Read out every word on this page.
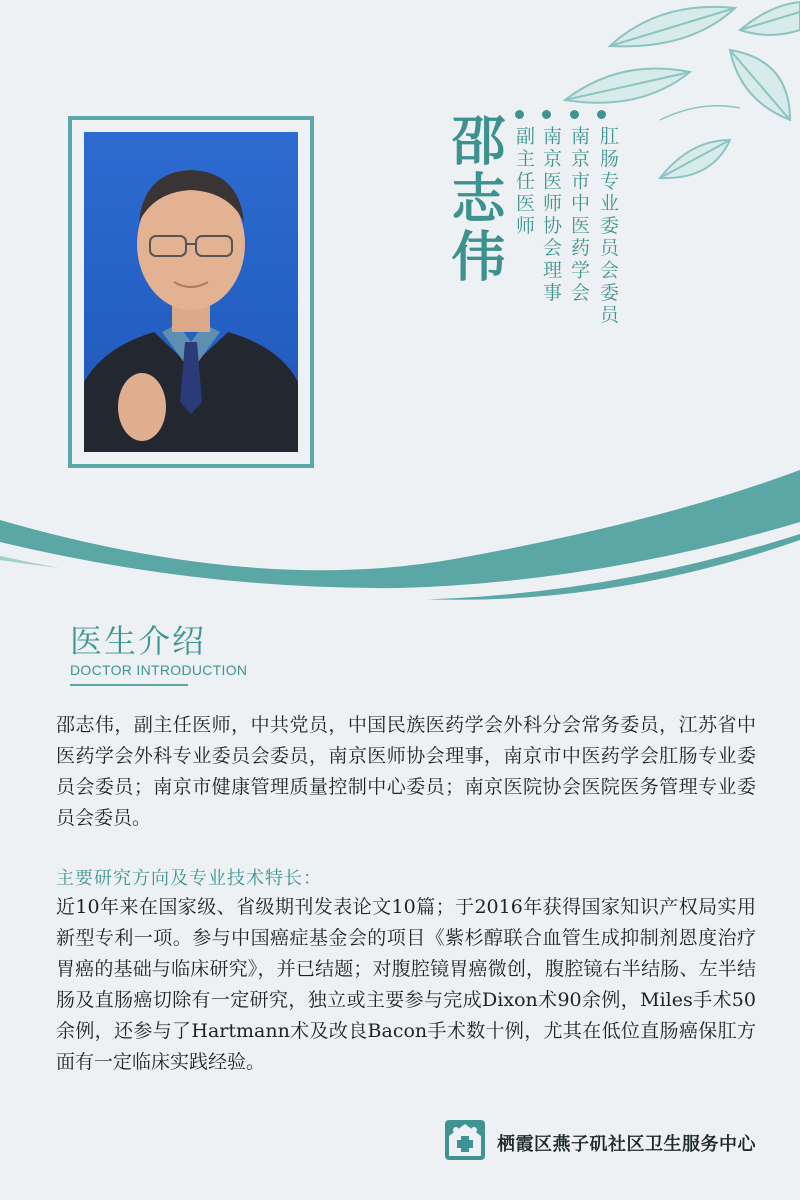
邵志伟	肛肠专业委员会委员
南京市中医药学会
南京医师协会理事
副主任医师
医生介绍
DOCTOR INTRODUCTION

邵志伟，副主任医师，中共党员，中国民族医药学会外科分会常务委员，江苏省中医药学会外科专业委员会委员，南京医师协会理事，南京市中医药学会肛肠专业委员会委员；南京市健康管理质量控制中心委员；南京医院协会医院医务管理专业委员会委员。

主要研究方向及专业技术特长：

近10年来在国家级、省级期刊发表论文10篇；于2016年获得国家知识产权局实用新型专利一项。参与中国癌症基金会的项目《紫杉醇联合血管生成抑制剂恩度治疗胃癌的基础与临床研究》，并已结题；对腹腔镜胃癌微创，腹腔镜右半结肠、左半结肠及直肠癌切除有一定研究，独立或主要参与完成Dixon术90余例，Miles手术50余例，还参与了Hartmann术及改良Bacon手术数十例，尤其在低位直肠癌保肛方面有一定临床实践经验。

栖霞区燕子矶社区卫生服务中心
